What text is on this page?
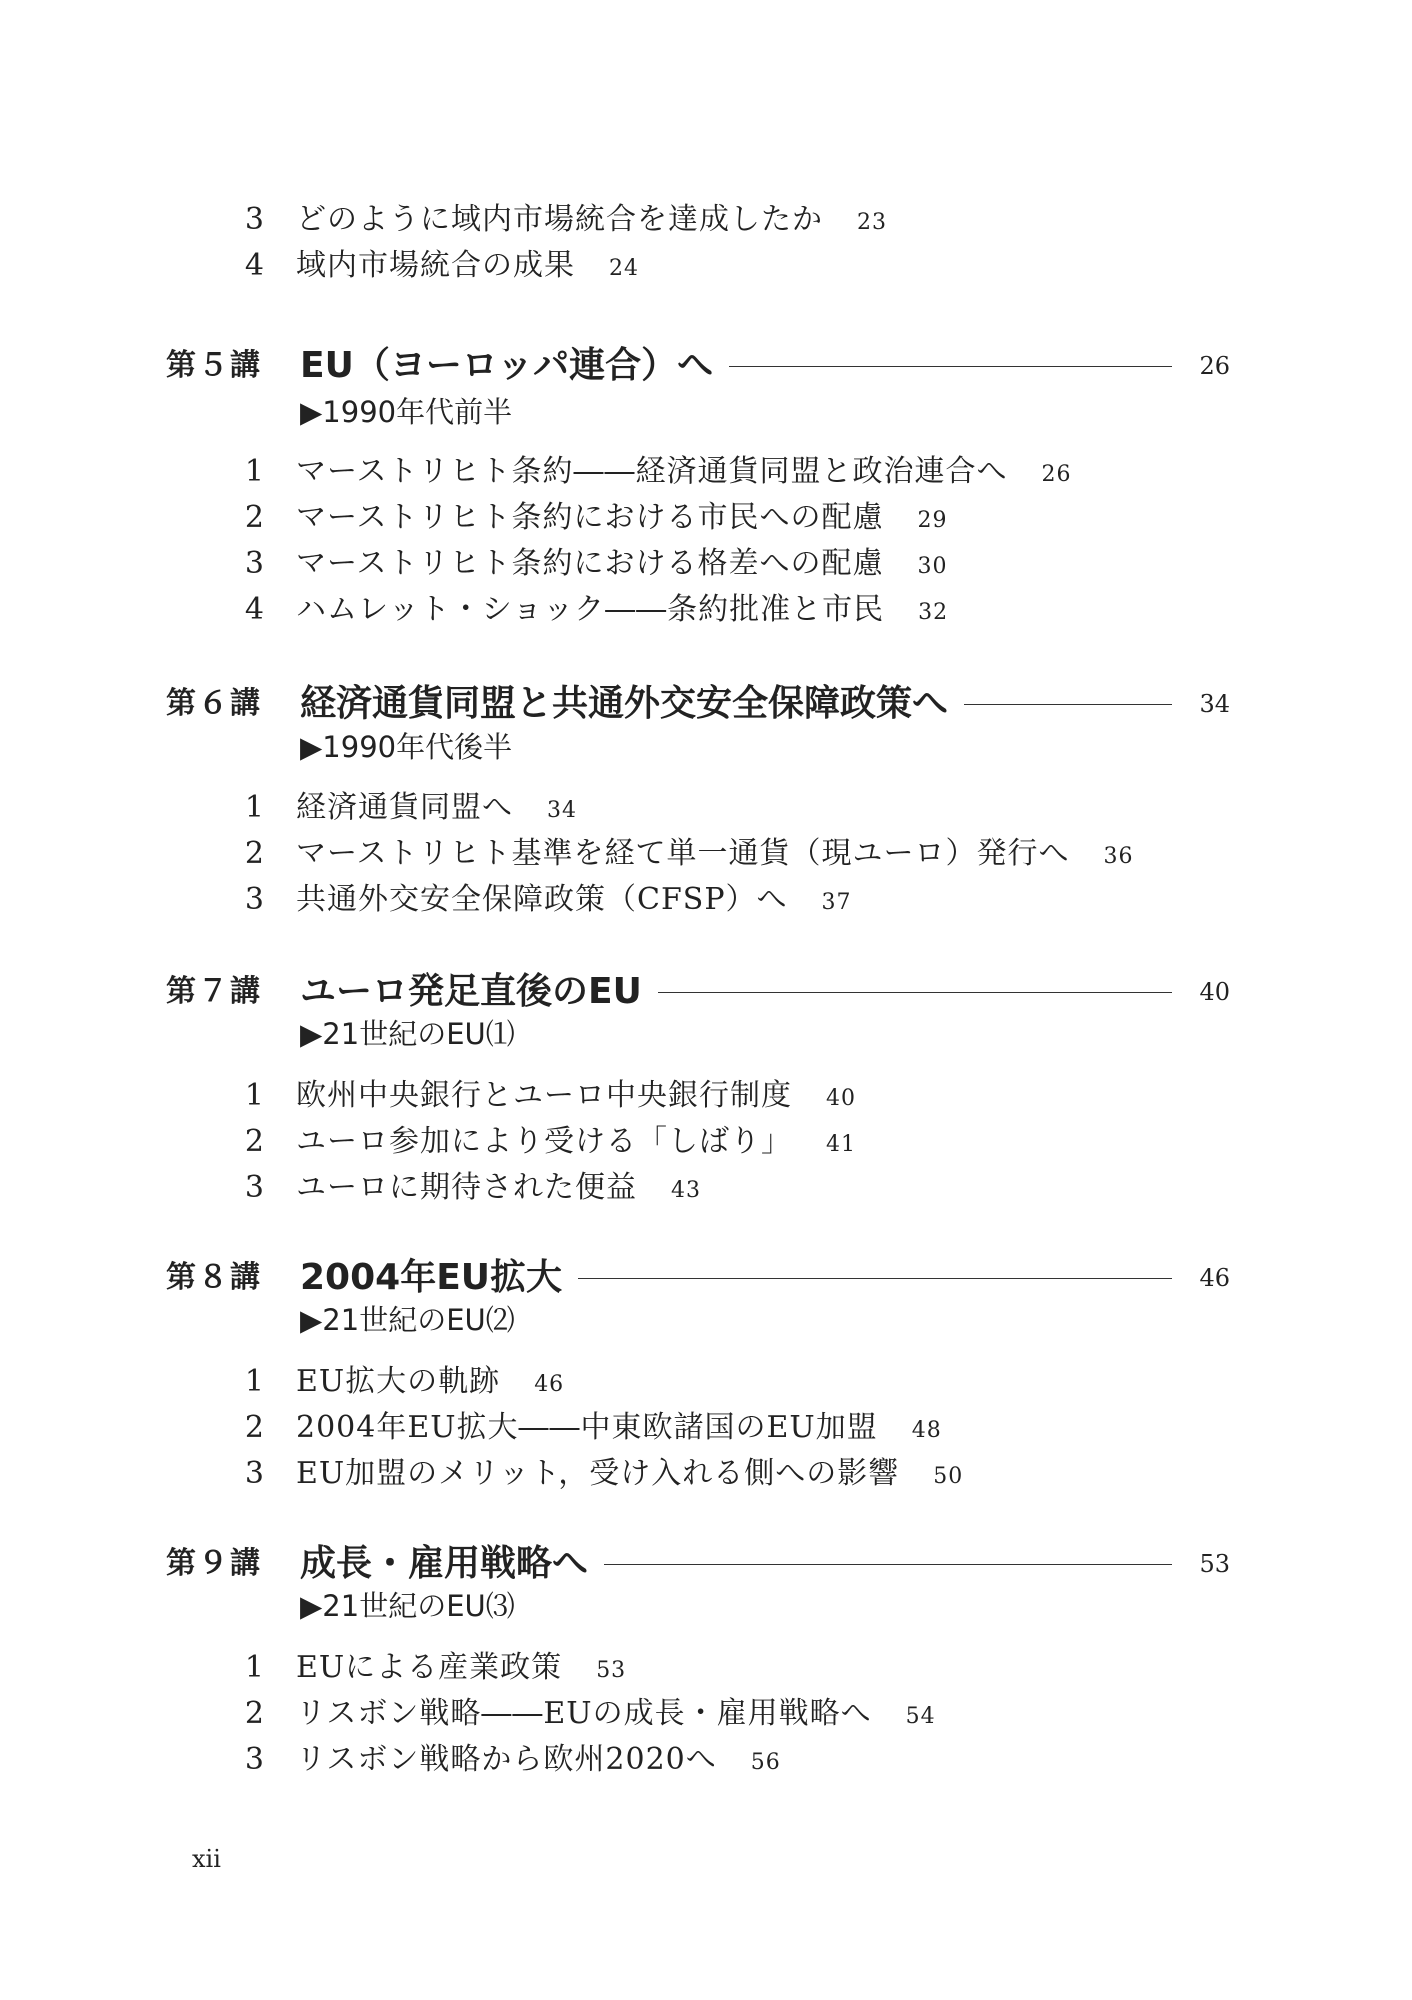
3 どのように域内市場統合を達成したか 23
4 域内市場統合の成果 24
第５講 EU（ヨーロッパ連合）へ	26
▶1990年代前半
1 マーストリヒト条約――経済通貨同盟と政治連合へ 26
2 マーストリヒト条約における市民への配慮 29
3 マーストリヒト条約における格差への配慮 30
4 ハムレット・ショック――条約批准と市民 32
第６講 経済通貨同盟と共通外交安全保障政策へ	34
▶1990年代後半
1 経済通貨同盟へ 34
2 マーストリヒト基準を経て単一通貨（現ユーロ）発行へ 36
3 共通外交安全保障政策（CFSP）へ 37
第７講 ユーロ発足直後のEU	40
▶21世紀のEU⑴
1 欧州中央銀行とユーロ中央銀行制度 40
2 ユーロ参加により受ける「しばり」 41
3 ユーロに期待された便益 43
第８講 2004年EU拡大	46
▶21世紀のEU⑵
1 EU拡大の軌跡 46
2 2004年EU拡大――中東欧諸国のEU加盟 48
3 EU加盟のメリット，受け入れる側への影響 50
第９講 成長・雇用戦略へ	53
▶21世紀のEU⑶
1 EUによる産業政策 53
2 リスボン戦略――EUの成長・雇用戦略へ 54
3 リスボン戦略から欧州2020へ 56
xii
